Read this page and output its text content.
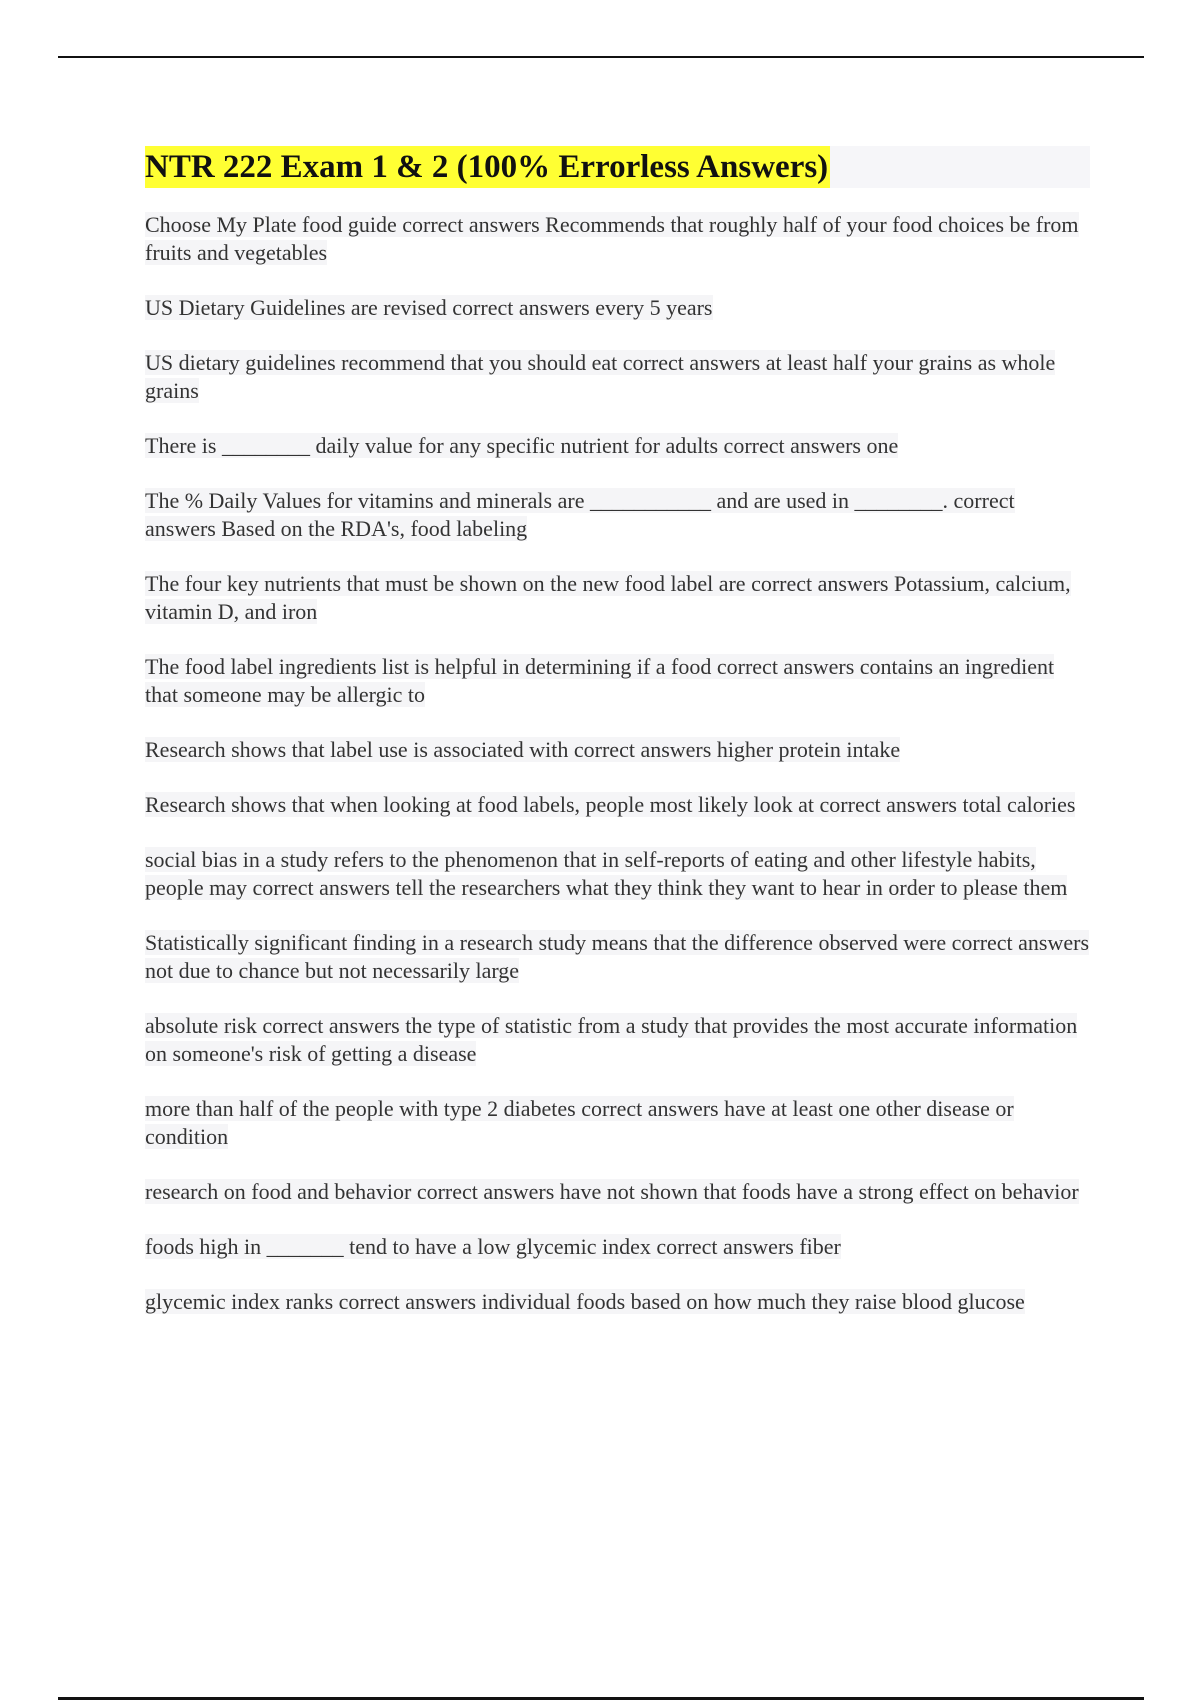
NTR 222 Exam 1 & 2 (100% Errorless Answers)

Choose My Plate food guide correct answers Recommends that roughly half of your food choices be from fruits and vegetables

US Dietary Guidelines are revised correct answers every 5 years

US dietary guidelines recommend that you should eat correct answers at least half your grains as whole grains

There is ________ daily value for any specific nutrient for adults correct answers one

The % Daily Values for vitamins and minerals are ___________ and are used in ________. correct answers Based on the RDA's, food labeling

The four key nutrients that must be shown on the new food label are correct answers Potassium, calcium, vitamin D, and iron

The food label ingredients list is helpful in determining if a food correct answers contains an ingredient that someone may be allergic to

Research shows that label use is associated with correct answers higher protein intake

Research shows that when looking at food labels, people most likely look at correct answers total calories

social bias in a study refers to the phenomenon that in self-reports of eating and other lifestyle habits, people may correct answers tell the researchers what they think they want to hear in order to please them

Statistically significant finding in a research study means that the difference observed were correct answers not due to chance but not necessarily large

absolute risk correct answers the type of statistic from a study that provides the most accurate information on someone's risk of getting a disease

more than half of the people with type 2 diabetes correct answers have at least one other disease or condition

research on food and behavior correct answers have not shown that foods have a strong effect on behavior

foods high in _______ tend to have a low glycemic index correct answers fiber

glycemic index ranks correct answers individual foods based on how much they raise blood glucose
